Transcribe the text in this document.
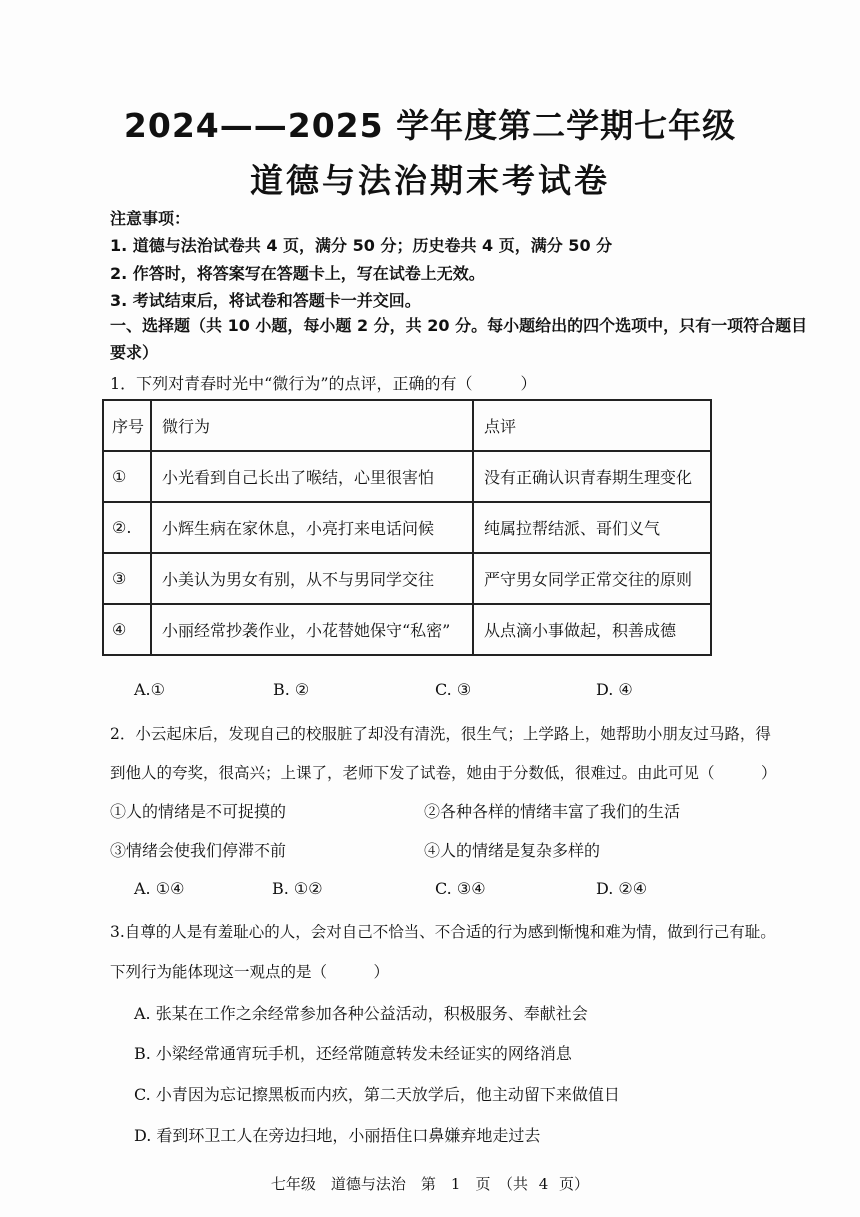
2024——2025 学年度第二学期七年级
道德与法治期末考试卷
注意事项：
1. 道德与法治试卷共 4 页，满分 50 分；历史卷共 4 页，满分 50 分
2. 作答时，将答案写在答题卡上，写在试卷上无效。
3. 考试结束后，将试卷和答题卡一并交回。
一、选择题（共 10 小题，每小题 2 分，共 20 分。每小题给出的四个选项中，只有一项符合题目
要求）
1．下列对青春时光中“微行为”的点评，正确的有（　　　）
序号	微行为	点评
①	小光看到自己长出了喉结，心里很害怕	没有正确认识青春期生理变化
②.	小辉生病在家休息，小亮打来电话问候	纯属拉帮结派、哥们义气
③	小美认为男女有别，从不与男同学交往	严守男女同学正常交往的原则
④	小丽经常抄袭作业，小花替她保守“私密”	从点滴小事做起，积善成德
A.①	B. ②	C. ③	D. ④
2．小云起床后，发现自己的校服脏了却没有清洗，很生气；上学路上，她帮助小朋友过马路，得
到他人的夸奖，很高兴；上课了，老师下发了试卷，她由于分数低，很难过。由此可见（　　　）
①人的情绪是不可捉摸的	②各种各样的情绪丰富了我们的生活
③情绪会使我们停滞不前	④人的情绪是复杂多样的
A. ①④	B. ①②	C. ③④	D. ②④
3.自尊的人是有羞耻心的人，会对自己不恰当、不合适的行为感到惭愧和难为情，做到行己有耻。
下列行为能体现这一观点的是（　　　）
A. 张某在工作之余经常参加各种公益活动，积极服务、奉献社会
B. 小梁经常通宵玩手机，还经常随意转发未经证实的网络消息
C. 小青因为忘记擦黑板而内疚，第二天放学后，他主动留下来做值日
D. 看到环卫工人在旁边扫地，小丽捂住口鼻嫌弃地走过去
七年级　道德与法治　第　1　页　（共 4 页）
